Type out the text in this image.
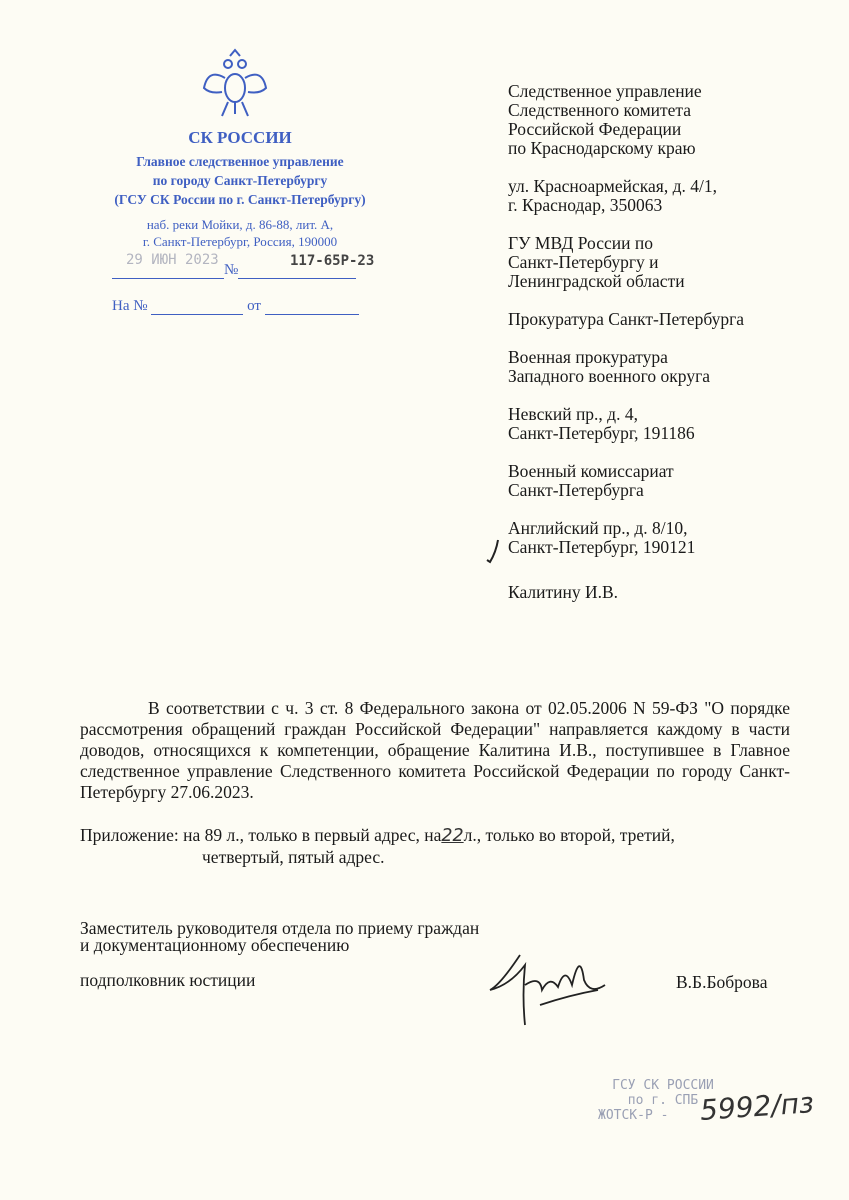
СК РОССИИ
Главное следственное управление
по городу Санкт-Петербургу
(ГСУ СК России по г. Санкт-Петербургу)
наб. реки Мойки, д. 86-88, лит. А,
г. Санкт-Петербург, Россия, 190000
29 ИЮН 2023
№
117-65Р-23
На №	от
Следственное управление
Следственного комитета
Российской Федерации
по Краснодарскому краю
ул. Красноармейская, д. 4/1,
г. Краснодар, 350063
ГУ МВД России по
Санкт-Петербургу и
Ленинградской области
Прокуратура Санкт-Петербурга
Военная прокуратура
Западного военного округа
Невский пр., д. 4,
Санкт-Петербург, 191186
Военный комиссариат
Санкт-Петербурга
Английский пр., д. 8/10,
Санкт-Петербург, 190121
Калитину И.В.
В соответствии с ч. 3 ст. 8 Федерального закона от 02.05.2006 N 59-ФЗ "О порядке рассмотрения обращений граждан Российской Федерации" направляется каждому в части доводов, относящихся к компетенции, обращение Калитина И.В., поступившее в Главное следственное управление Следственного комитета Российской Федерации по городу Санкт-Петербургу 27.06.2023.
Приложение: на 89 л., только в первый адрес, на22л., только во второй, третий,
четвертый, пятый адрес.
Заместитель руководителя отдела по приему граждан
и документационному обеспечению
подполковник юстиции	В.Б.Боброва
ГСУ СК РОССИИ
по г. СПБ
ЖОТСК-Р -	5992/пз
